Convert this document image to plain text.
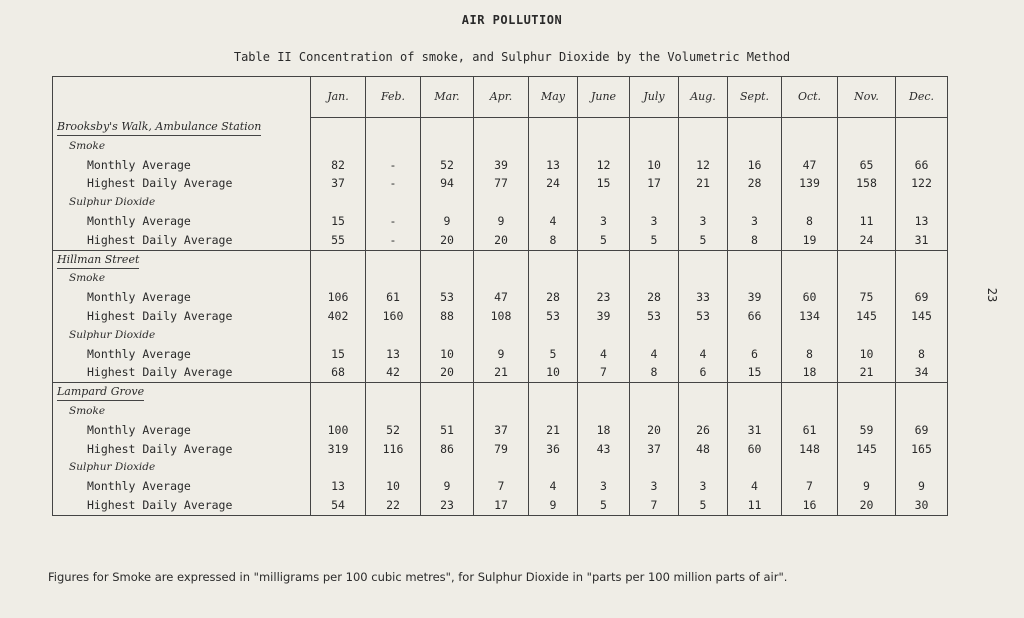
AIR POLLUTION
Table II Concentration of smoke, and Sulphur Dioxide by the Volumetric Method
23
	Jan.	Feb.	Mar.	Apr.	May	June	July	Aug.	Sept.	Oct.	Nov.	Dec.
Brooksby's Walk, Ambulance Station												
Smoke												
Monthly Average	82	-	52	39	13	12	10	12	16	47	65	66
Highest Daily Average	37	-	94	77	24	15	17	21	28	139	158	122
Sulphur Dioxide												
Monthly Average	15	-	9	9	4	3	3	3	3	8	11	13
Highest Daily Average	55	-	20	20	8	5	5	5	8	19	24	31
Hillman Street												
Smoke												
Monthly Average	106	61	53	47	28	23	28	33	39	60	75	69
Highest Daily Average	402	160	88	108	53	39	53	53	66	134	145	145
Sulphur Dioxide												
Monthly Average	15	13	10	9	5	4	4	4	6	8	10	8
Highest Daily Average	68	42	20	21	10	7	8	6	15	18	21	34
Lampard Grove												
Smoke												
Monthly Average	100	52	51	37	21	18	20	26	31	61	59	69
Highest Daily Average	319	116	86	79	36	43	37	48	60	148	145	165
Sulphur Dioxide												
Monthly Average	13	10	9	7	4	3	3	3	4	7	9	9
Highest Daily Average	54	22	23	17	9	5	7	5	11	16	20	30
Figures for Smoke are expressed in "milligrams per 100 cubic metres", for Sulphur Dioxide in "parts per 100 million parts of air".
